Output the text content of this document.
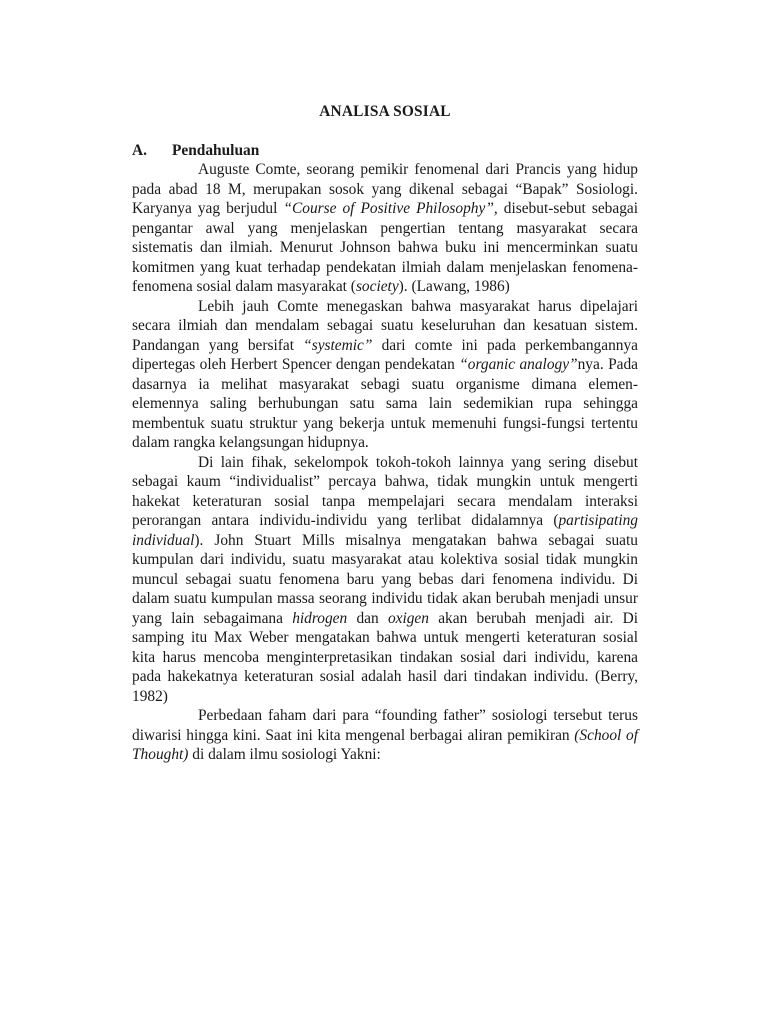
ANALISA SOSIAL
A.	Pendahuluan

Auguste Comte, seorang pemikir fenomenal dari Prancis yang hidup pada abad 18 M, merupakan sosok yang dikenal sebagai “Bapak” Sosiologi. Karyanya yag berjudul “Course of Positive Philosophy”, disebut-sebut sebagai pengantar awal yang menjelaskan pengertian tentang masyarakat secara sistematis dan ilmiah. Menurut Johnson bahwa buku ini mencerminkan suatu komitmen yang kuat terhadap pendekatan ilmiah dalam menjelaskan fenomena-fenomena sosial dalam masyarakat (society). (Lawang, 1986)

Lebih jauh Comte menegaskan bahwa masyarakat harus dipelajari secara ilmiah dan mendalam sebagai suatu keseluruhan dan kesatuan sistem. Pandangan yang bersifat “systemic” dari comte ini pada perkembangannya dipertegas oleh Herbert Spencer dengan pendekatan “organic analogy”nya. Pada dasarnya ia melihat masyarakat sebagi suatu organisme dimana elemen-elemennya saling berhubungan satu sama lain sedemikian rupa sehingga membentuk suatu struktur yang bekerja untuk memenuhi fungsi-fungsi tertentu dalam rangka kelangsungan hidupnya.

Di lain fihak, sekelompok tokoh-tokoh lainnya yang sering disebut sebagai kaum “individualist” percaya bahwa, tidak mungkin untuk mengerti hakekat keteraturan sosial tanpa mempelajari secara mendalam interaksi perorangan antara individu-individu yang terlibat didalamnya (partisipating individual). John Stuart Mills misalnya mengatakan bahwa sebagai suatu kumpulan dari individu, suatu masyarakat atau kolektiva sosial tidak mungkin muncul sebagai suatu fenomena baru yang bebas dari fenomena individu. Di dalam suatu kumpulan massa seorang individu tidak akan berubah menjadi unsur yang lain sebagaimana hidrogen dan oxigen akan berubah menjadi air. Di samping itu Max Weber mengatakan bahwa untuk mengerti keteraturan sosial kita harus mencoba menginterpretasikan tindakan sosial dari individu, karena pada hakekatnya keteraturan sosial adalah hasil dari tindakan individu. (Berry, 1982)

Perbedaan faham dari para “founding father” sosiologi tersebut terus diwarisi hingga kini. Saat ini kita mengenal berbagai aliran pemikiran (School of Thought) di dalam ilmu sosiologi Yakni:
